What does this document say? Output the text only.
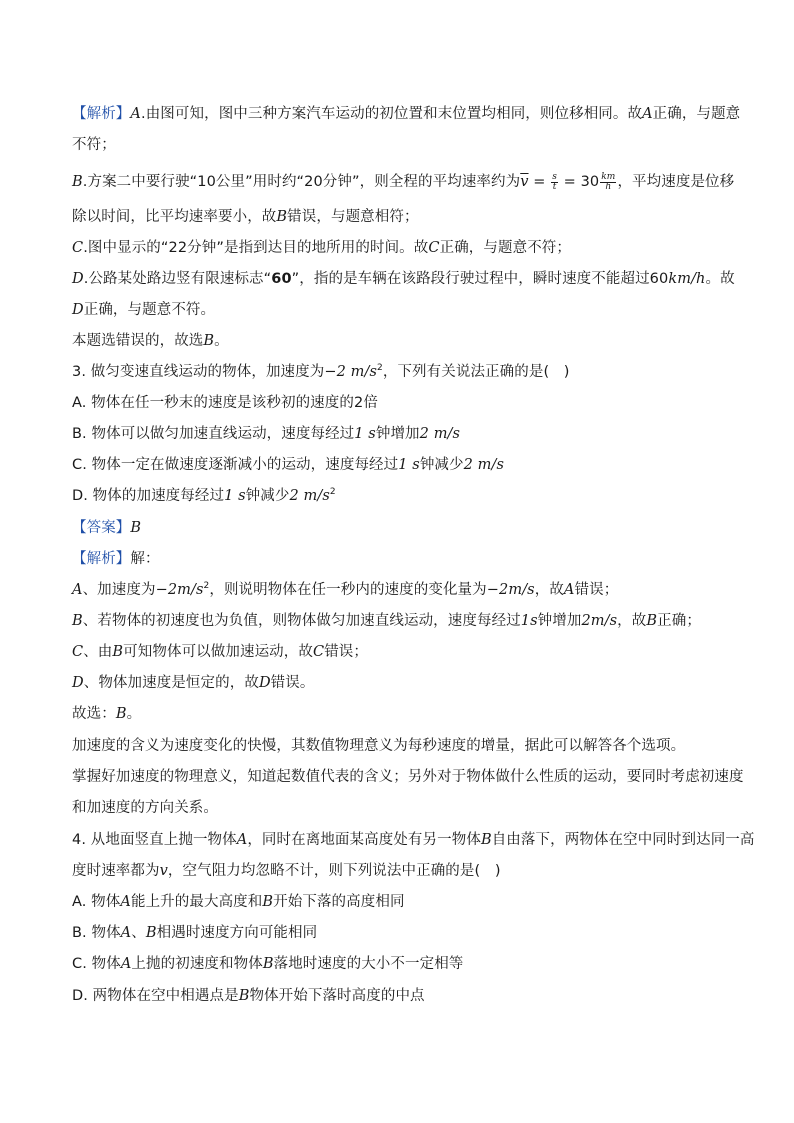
【解析】A.由图可知，图中三种方案汽车运动的初位置和末位置均相同，则位移相同。故A正确，与题意
不符；
B.方案二中要行驶“10公里”用时约“20分钟”，则全程的平均速率约为$\overline{v} = \frac{s}{t} = 30 \frac{km}{h}$ ，平均速度是位移
除以时间，比平均速率要小，故B错误，与题意相符；
C.图中显示的“22分钟”是指到达目的地所用的时间。故C正确，与题意不符；
D.公路某处路边竖有限速标志“60”，指的是车辆在该路段行驶过程中，瞬时速度不能超过60km/h。故
D正确，与题意不符。
本题选错误的，故选B。
3. 做匀变速直线运动的物体，加速度为−2 $m/s^2$，下列有关说法正确的是(　)
A. 物体在任一秒末的速度是该秒初的速度的2倍
B. 物体可以做匀加速直线运动，速度每经过1 s钟增加2 m/s
C. 物体一定在做速度逐渐减小的运动，速度每经过1 s钟减少2 m/s
D. 物体的加速度每经过1 s钟减少2 $m/s^2$
【答案】B
【解析】解：
A、加速度为$-2m/s^2$，则说明物体在任一秒内的速度的变化量为−2m/s，故A错误；
B、若物体的初速度也为负值，则物体做匀加速直线运动，速度每经过1s钟增加2m/s，故B正确；
C、由B可知物体可以做加速运动，故C错误；
D、物体加速度是恒定的，故D错误。
故选：B。
加速度的含义为速度变化的快慢，其数值物理意义为每秒速度的增量，据此可以解答各个选项。
掌握好加速度的物理意义，知道起数值代表的含义；另外对于物体做什么性质的运动，要同时考虑初速度
和加速度的方向关系。
4. 从地面竖直上抛一物体A，同时在离地面某高度处有另一物体B自由落下，两物体在空中同时到达同一高
度时速率都为v，空气阻力均忽略不计，则下列说法中正确的是(　)
A. 物体A能上升的最大高度和B开始下落的高度相同
B. 物体A、B相遇时速度方向可能相同
C. 物体A上抛的初速度和物体B落地时速度的大小不一定相等
D. 两物体在空中相遇点是B物体开始下落时高度的中点
